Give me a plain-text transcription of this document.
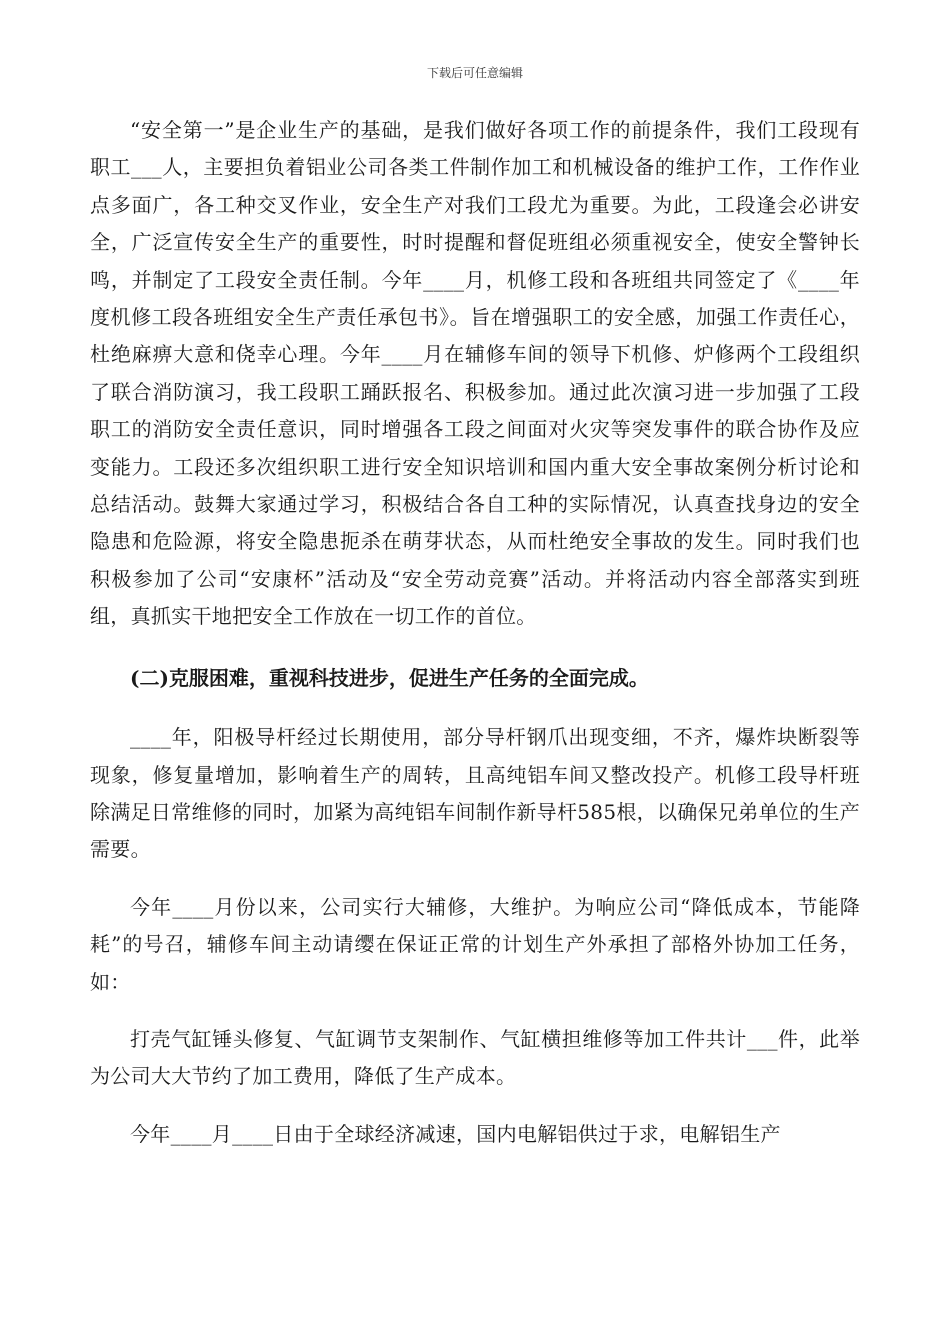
下载后可任意编辑

“安全第一”是企业生产的基础，是我们做好各项工作的前提条件，我们工段现有职工___人，主要担负着铝业公司各类工件制作加工和机械设备的维护工作，工作作业点多面广，各工种交叉作业，安全生产对我们工段尤为重要。为此，工段逢会必讲安全，广泛宣传安全生产的重要性，时时提醒和督促班组必须重视安全，使安全警钟长鸣，并制定了工段安全责任制。今年____月，机修工段和各班组共同签定了《____年度机修工段各班组安全生产责任承包书》。旨在增强职工的安全感，加强工作责任心，杜绝麻痹大意和侥幸心理。今年____月在辅修车间的领导下机修、炉修两个工段组织了联合消防演习，我工段职工踊跃报名、积极参加。通过此次演习进一步加强了工段职工的消防安全责任意识，同时增强各工段之间面对火灾等突发事件的联合协作及应变能力。工段还多次组织职工进行安全知识培训和国内重大安全事故案例分析讨论和总结活动。鼓舞大家通过学习，积极结合各自工种的实际情况，认真查找身边的安全隐患和危险源，将安全隐患扼杀在萌芽状态，从而杜绝安全事故的发生。同时我们也积极参加了公司“安康杯”活动及“安全劳动竞赛”活动。并将活动内容全部落实到班组，真抓实干地把安全工作放在一切工作的首位。

(二)克服困难，重视科技进步，促进生产任务的全面完成。

____年，阳极导杆经过长期使用，部分导杆钢爪出现变细，不齐，爆炸块断裂等现象，修复量增加，影响着生产的周转，且高纯铝车间又整改投产。机修工段导杆班除满足日常维修的同时，加紧为高纯铝车间制作新导杆585根，以确保兄弟单位的生产需要。

今年____月份以来，公司实行大辅修，大维护。为响应公司“降低成本，节能降耗”的号召，辅修车间主动请缨在保证正常的计划生产外承担了部格外协加工任务，如：

打壳气缸锤头修复、气缸调节支架制作、气缸横担维修等加工件共计___件，此举为公司大大节约了加工费用，降低了生产成本。

今年____月____日由于全球经济减速，国内电解铝供过于求，电解铝生产
